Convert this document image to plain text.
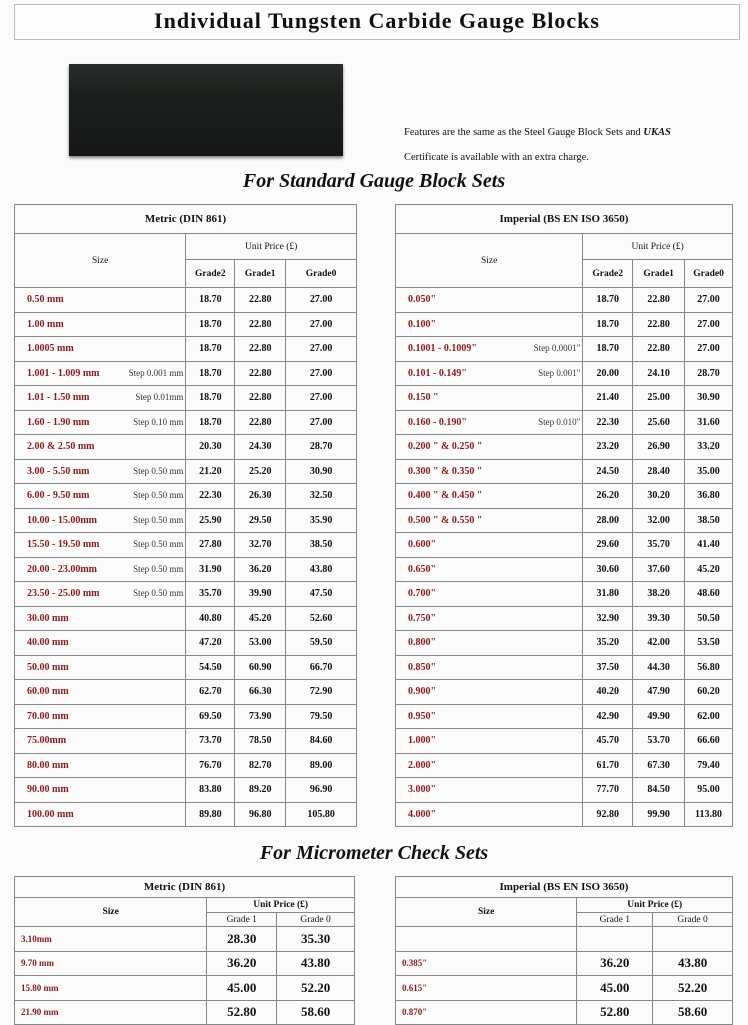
Individual Tungsten Carbide Gauge Blocks
Features are the same as the Steel Gauge Block Sets and UKAS
Certificate is available with an extra charge.
For Standard Gauge Block Sets
Metric (DIN 861)			
Size	Unit Price (£)		
	Grade2	Grade1	Grade0
0.50 mm	18.70	22.80	27.00
1.00 mm	18.70	22.80	27.00
1.0005 mm	18.70	22.80	27.00
1.001 - 1.009 mm Step 0.001 mm	18.70	22.80	27.00
1.01 - 1.50 mm Step 0.01mm	18.70	22.80	27.00
1.60 - 1.90 mm Step 0.10 mm	18.70	22.80	27.00
2.00 & 2.50 mm	20.30	24.30	28.70
3.00 - 5.50 mm Step 0.50 mm	21.20	25.20	30.90
6.00 - 9.50 mm Step 0.50 mm	22.30	26.30	32.50
10.00 - 15.00mm Step 0.50 mm	25.90	29.50	35.90
15.50 - 19.50 mm Step 0.50 mm	27.80	32.70	38.50
20.00 - 23.00mm Step 0.50 mm	31.90	36.20	43.80
23.50 - 25.00 mm Step 0.50 mm	35.70	39.90	47.50
30.00 mm	40.80	45.20	52.60
40.00 mm	47.20	53.00	59.50
50.00 mm	54.50	60.90	66.70
60.00 mm	62.70	66.30	72.90
70.00 mm	69.50	73.90	79.50
75.00mm	73.70	78.50	84.60
80.00 mm	76.70	82.70	89.00
90.00 mm	83.80	89.20	96.90
100.00 mm	89.80	96.80	105.80
Imperial (BS EN ISO 3650)			
Size	Unit Price (£)		
	Grade2	Grade1	Grade0
0.050"	18.70	22.80	27.00
0.100"	18.70	22.80	27.00
0.1001 - 0.1009" Step 0.0001"	18.70	22.80	27.00
0.101 - 0.149" Step 0.001"	20.00	24.10	28.70
0.150 "	21.40	25.00	30.90
0.160 - 0.190" Step 0.010"	22.30	25.60	31.60
0.200 " & 0.250 "	23.20	26.90	33.20
0.300 " & 0.350 "	24.50	28.40	35.00
0.400 " & 0.450 "	26.20	30.20	36.80
0.500 " & 0.550 "	28.00	32.00	38.50
0.600"	29.60	35.70	41.40
0.650"	30.60	37.60	45.20
0.700"	31.80	38.20	48.60
0.750"	32.90	39.30	50.50
0.800"	35.20	42.00	53.50
0.850"	37.50	44.30	56.80
0.900"	40.20	47.90	60.20
0.950"	42.90	49.90	62.00
1.000"	45.70	53.70	66.60
2.000"	61.70	67.30	79.40
3.000"	77.70	84.50	95.00
4.000"	92.80	99.90	113.80
For Micrometer Check Sets
Metric (DIN 861)		
Size	Unit Price (£)	
	Grade 1	Grade 0
3.10mm	28.30	35.30
9.70 mm	36.20	43.80
15.80 mm	45.00	52.20
21.90 mm	52.80	58.60
Imperial (BS EN ISO 3650)		
Size	Unit Price (£)	
	Grade 1	Grade 0

0.385"	36.20	43.80
0.615"	45.00	52.20
0.870"	52.80	58.60
